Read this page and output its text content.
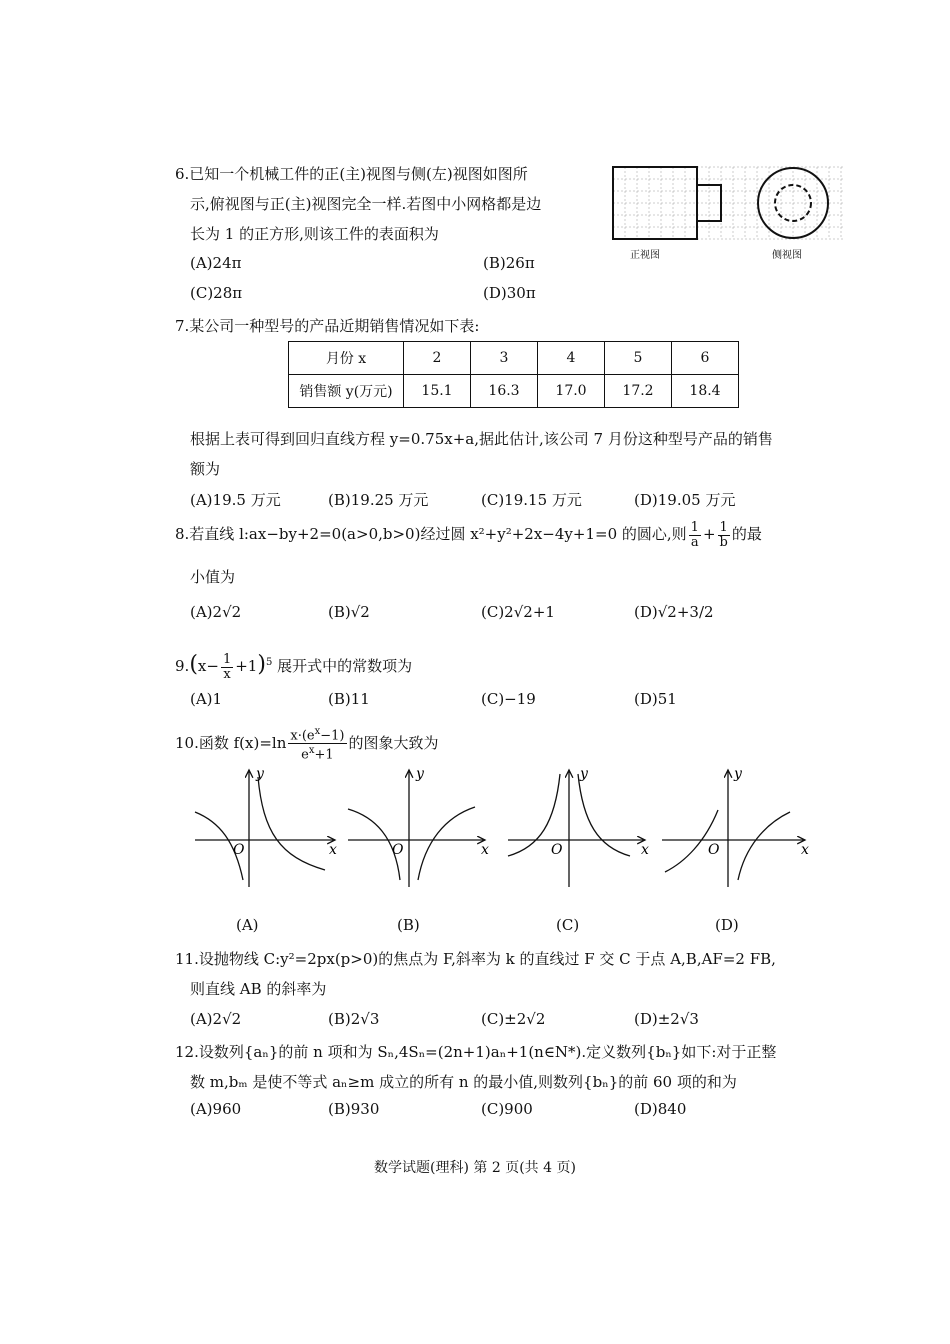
6.已知一个机械工件的正(主)视图与侧(左)视图如图所
示,俯视图与正(主)视图完全一样.若图中小网格都是边
长为 1 的正方形,则该工件的表面积为
(A)24π	(B)26π
(C)28π	(D)30π
正视图	侧视图
7.某公司一种型号的产品近期销售情况如下表:
月份 x	2	3	4	5	6
销售额 y(万元)	15.1	16.3	17.0	17.2	18.4
根据上表可得到回归直线方程 y=0.75x+a,据此估计,该公司 7 月份这种型号产品的销售
额为
(A)19.5 万元	(B)19.25 万元	(C)19.15 万元	(D)19.05 万元
8.若直线 l:ax−by+2=0(a>0,b>0)经过圆 x²+y²+2x−4y+1=0 的圆心,则 $\frac{1}{a} + \frac{1}{b}$ 的最
小值为
(A)2√2	(B)√2	(C)2√2+1	(D)√2+3/2
$9.(x- \frac{1}{x} +1)^5$ 展开式中的常数项为
(A)1	(B)11	(C)−19	(D)51
10.函数 $f(x)=\ln \frac{x\cdot(e^x-1)}{e^x+1}$ 的图象大致为
x
y
O	x
y
O	x
y
O	x
y
O
(A)	(B)	(C)	(D)
11.设抛物线 C:y²=2px(p>0)的焦点为 F,斜率为 k 的直线过 F 交 C 于点 A,B,AF=2 FB,
则直线 AB 的斜率为
(A)2√2	(B)2√3	(C)±2√2	(D)±2√3
12.设数列{aₙ}的前 n 项和为 Sₙ,4Sₙ=(2n+1)aₙ+1(n∈N*).定义数列{bₙ}如下:对于正整
数 m,bₘ 是使不等式 aₙ≥m 成立的所有 n 的最小值,则数列{bₙ}的前 60 项的和为
(A)960	(B)930	(C)900	(D)840
数学试题(理科) 第 2 页(共 4 页)
